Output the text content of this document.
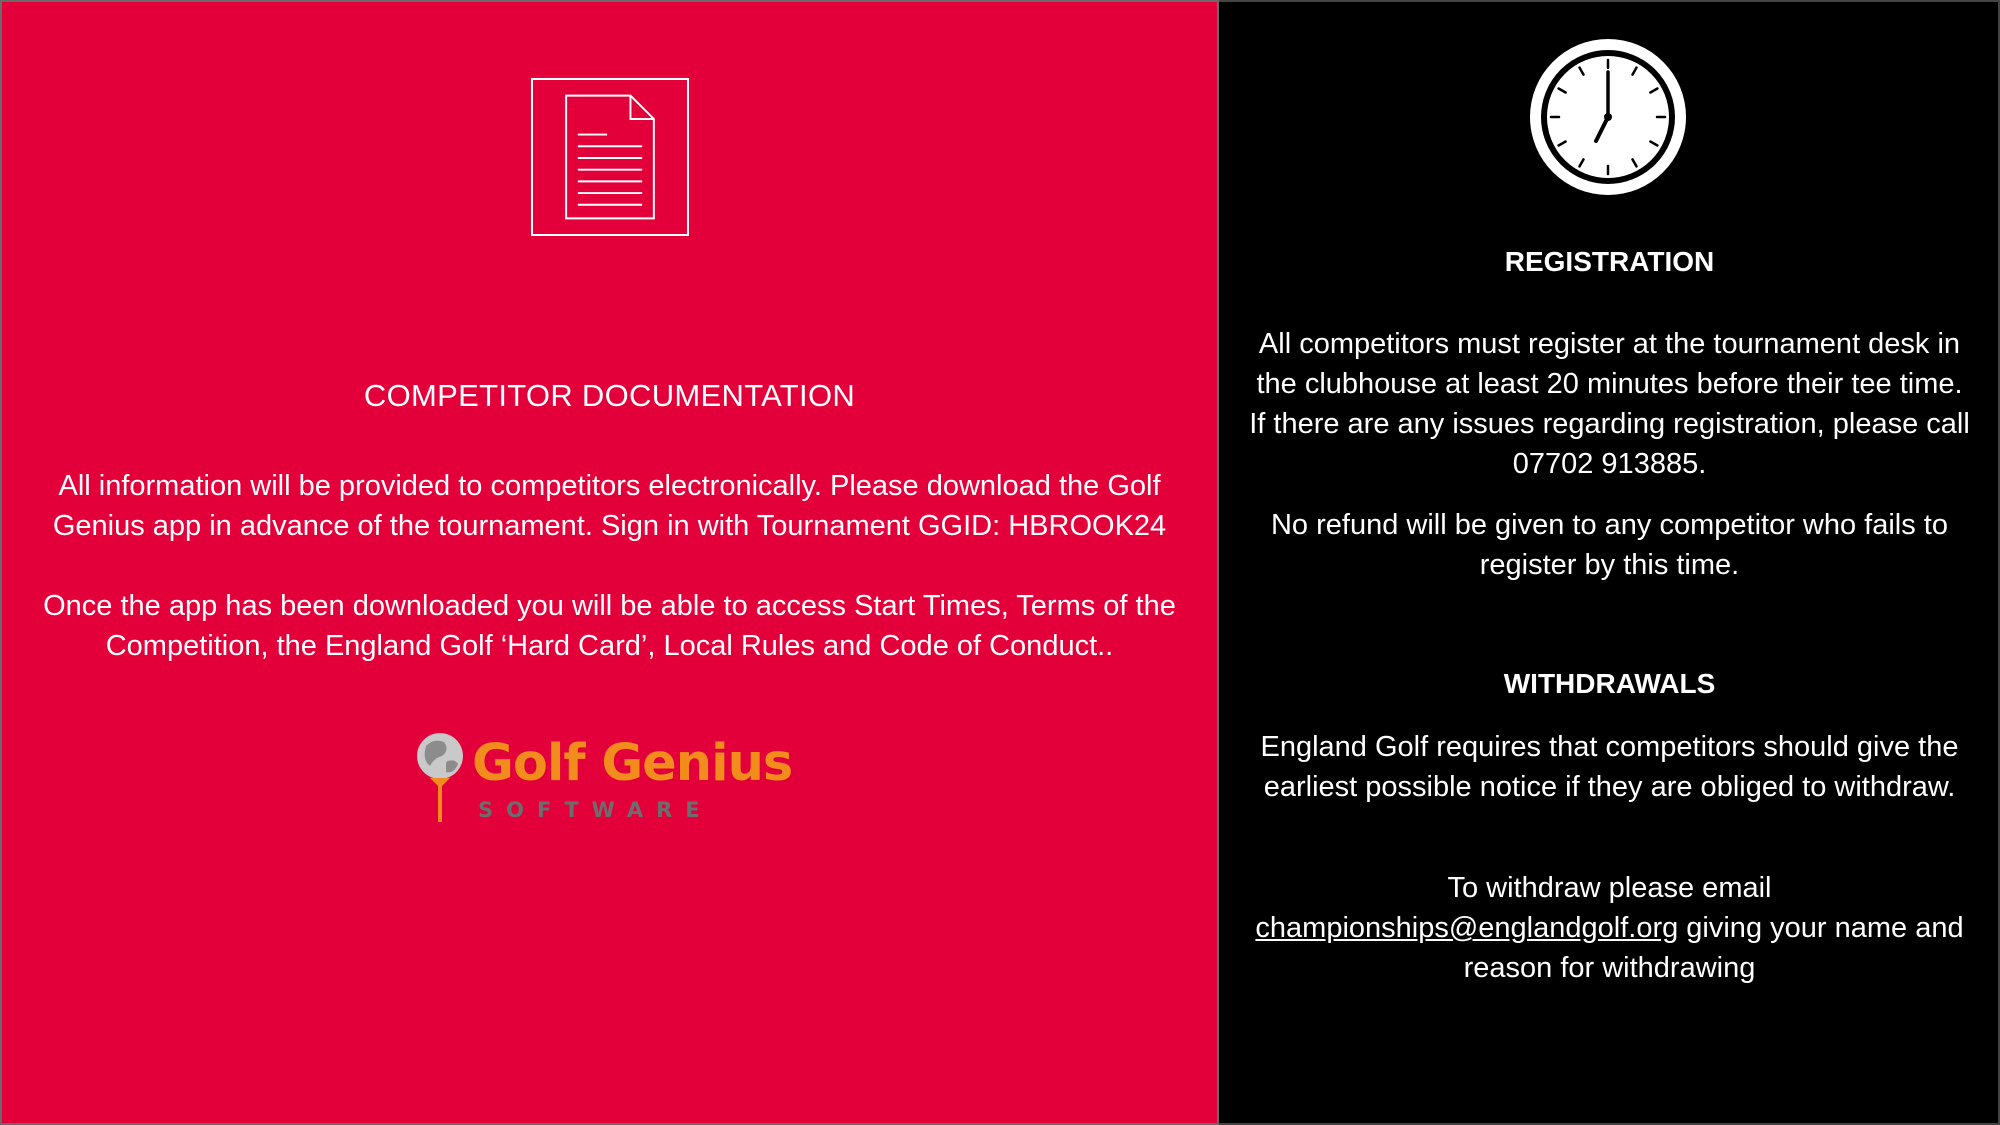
COMPETITOR DOCUMENTATION
All information will be provided to competitors electronically. Please download the Golf Genius app in advance of the tournament. Sign in with Tournament GGID: HBROOK24
Once the app has been downloaded you will be able to access Start Times, Terms of the Competition, the England Golf ‘Hard Card’, Local Rules and Code of Conduct..
Golf Genius
SOFTWARE
REGISTRATION
All competitors must register at the tournament desk in the clubhouse at least 20 minutes before their tee time. If there are any issues regarding registration, please call 07702 913885.
No refund will be given to any competitor who fails to register by this time.
WITHDRAWALS
England Golf requires that competitors should give the earliest possible notice if they are obliged to withdraw.
To withdraw please email
championships@englandgolf.org giving your name and reason for withdrawing
